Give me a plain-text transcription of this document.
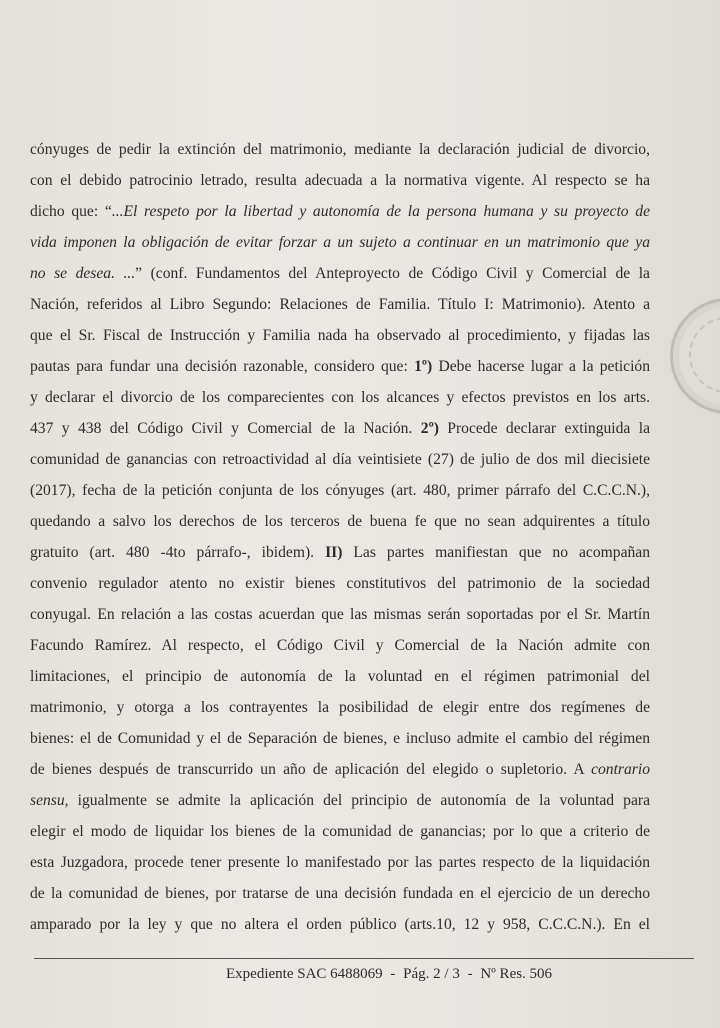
cónyuges de pedir la extinción del matrimonio, mediante la declaración judicial de divorcio,
con el debido patrocinio letrado, resulta adecuada a la normativa vigente. Al respecto se ha
dicho que: “...El respeto por la libertad y autonomía de la persona humana y su proyecto de
vida imponen la obligación de evitar forzar a un sujeto a continuar en un matrimonio que ya
no se desea. ...” (conf. Fundamentos del Anteproyecto de Código Civil y Comercial de la
Nación, referidos al Libro Segundo: Relaciones de Familia. Título I: Matrimonio). Atento a
que el Sr. Fiscal de Instrucción y Familia nada ha observado al procedimiento, y fijadas las
pautas para fundar una decisión razonable, considero que: 1º) Debe hacerse lugar a la petición
y declarar el divorcio de los comparecientes con los alcances y efectos previstos en los arts.
437 y 438 del Código Civil y Comercial de la Nación. 2º) Procede declarar extinguida la
comunidad de ganancias con retroactividad al día veintisiete (27) de julio de dos mil diecisiete
(2017), fecha de la petición conjunta de los cónyuges (art. 480, primer párrafo del C.C.C.N.),
quedando a salvo los derechos de los terceros de buena fe que no sean adquirentes a título
gratuito (art. 480 -4to párrafo-, ibidem). II) Las partes manifiestan que no acompañan
convenio regulador atento no existir bienes constitutivos del patrimonio de la sociedad
conyugal. En relación a las costas acuerdan que las mismas serán soportadas por el Sr. Martín
Facundo Ramírez. Al respecto, el Código Civil y Comercial de la Nación admite con
limitaciones, el principio de autonomía de la voluntad en el régimen patrimonial del
matrimonio, y otorga a los contrayentes la posibilidad de elegir entre dos regímenes de
bienes: el de Comunidad y el de Separación de bienes, e incluso admite el cambio del régimen
de bienes después de transcurrido un año de aplicación del elegido o supletorio. A contrario
sensu, igualmente se admite la aplicación del principio de autonomía de la voluntad para
elegir el modo de liquidar los bienes de la comunidad de ganancias; por lo que a criterio de
esta Juzgadora, procede tener presente lo manifestado por las partes respecto de la liquidación
de la comunidad de bienes, por tratarse de una decisión fundada en el ejercicio de un derecho
amparado por la ley y que no altera el orden público (arts.10, 12 y 958, C.C.C.N.). En el
Expediente SAC 6488069 - Pág. 2 / 3 - Nº Res. 506
